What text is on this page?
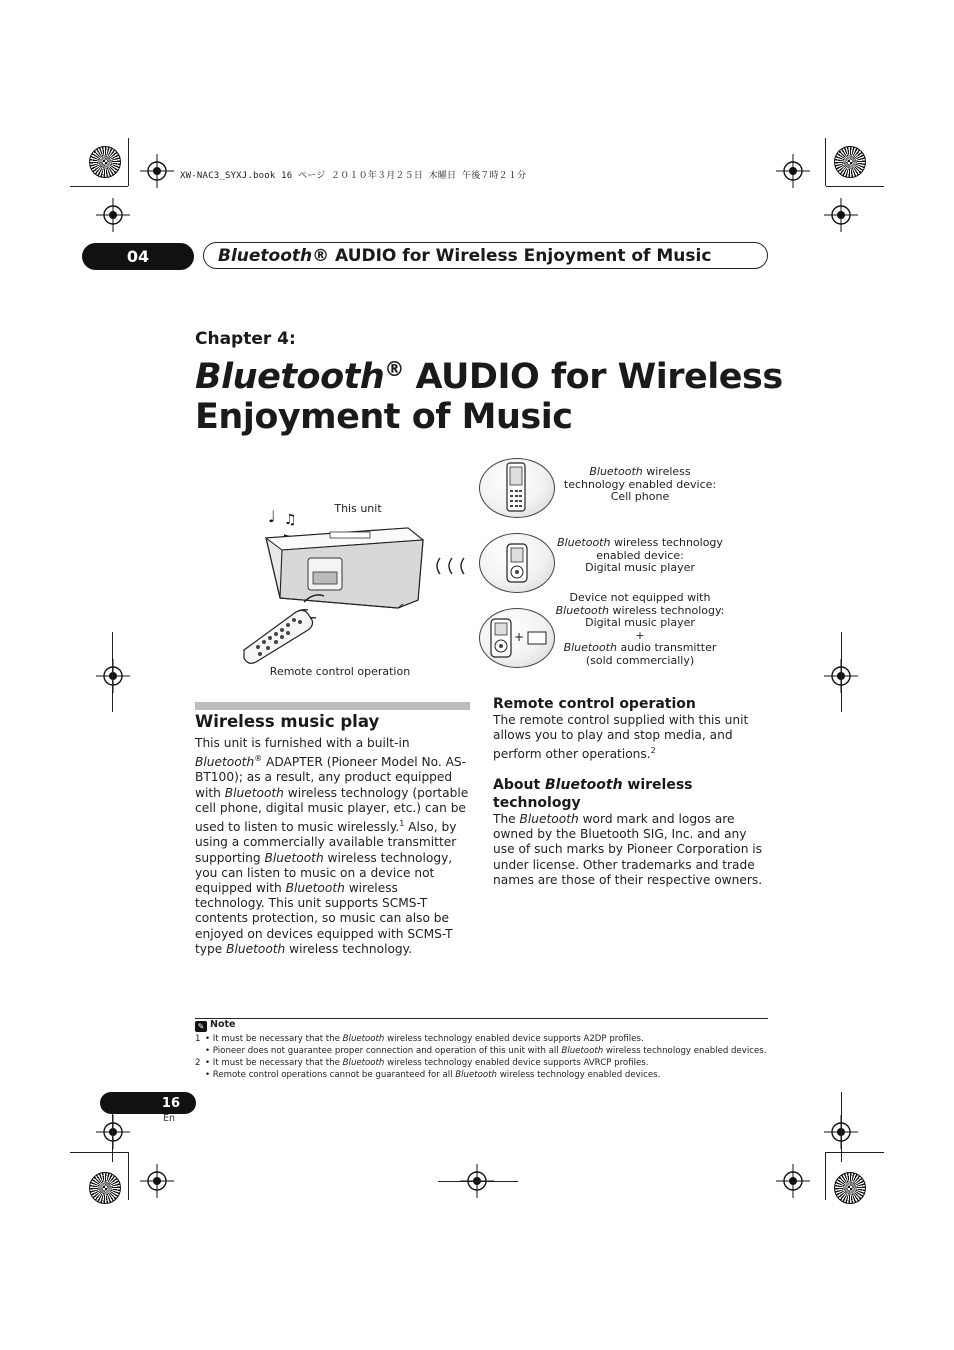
XW-NAC3_SYXJ.book 16 ページ ２０１０年３月２５日 木曜日 午後７時２１分
04	Bluetooth ® AUDIO for Wireless Enjoyment of Music
Chapter 4:
Bluetooth® AUDIO for Wireless
Enjoyment of Music
This unit
Remote control operation
♩ ♫
+
Bluetooth wireless
technology enabled device:
Cell phone
Bluetooth wireless technology
enabled device:
Digital music player
Device not equipped with
Bluetooth wireless technology:
Digital music player
+
Bluetooth audio transmitter
(sold commercially)
Wireless music play
This unit is furnished with a built-in Bluetooth® ADAPTER (Pioneer Model No. AS-BT100); as a result, any product equipped with Bluetooth wireless technology (portable cell phone, digital music player, etc.) can be used to listen to music wirelessly.$^1$ Also, by using a commercially available transmitter supporting Bluetooth wireless technology, you can listen to music on a device not equipped with Bluetooth wireless technology. This unit supports SCMS-T contents protection, so music can also be enjoyed on devices equipped with SCMS-T type Bluetooth wireless technology.
Remote control operation
The remote control supplied with this unit allows you to play and stop media, and perform other operations.$^2$
About Bluetooth wireless technology
The Bluetooth word mark and logos are owned by the Bluetooth SIG, Inc. and any use of such marks by Pioneer Corporation is under license. Other trademarks and trade names are those of their respective owners.
✎ Note
1 • It must be necessary that the Bluetooth wireless technology enabled device supports A2DP profiles.
• Pioneer does not guarantee proper connection and operation of this unit with all Bluetooth wireless technology enabled devices.
2 • It must be necessary that the Bluetooth wireless technology enabled device supports AVRCP profiles.
• Remote control operations cannot be guaranteed for all Bluetooth wireless technology enabled devices.
16
En
